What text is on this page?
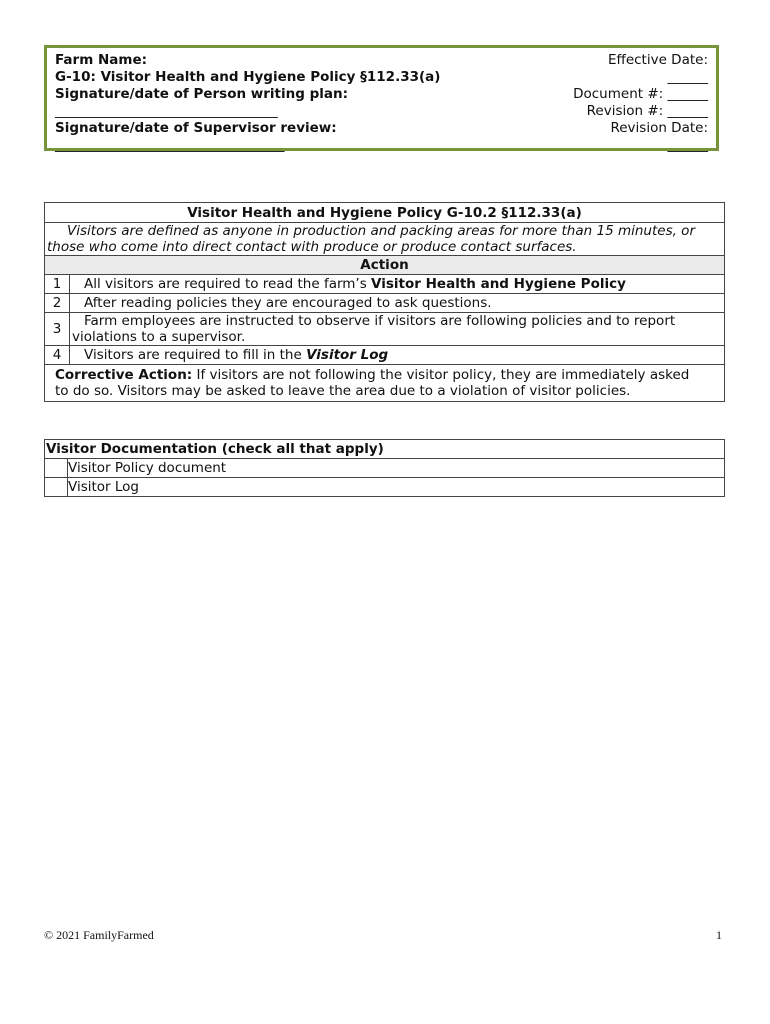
Farm Name:
G-10: Visitor Health and Hygiene Policy §112.33(a)
Signature/date of Person writing plan:
_________________________________
Signature/date of Supervisor review:
__________________________________
Effective Date:
______
Document #: ______
Revision #: ______
Revision Date:
______
Visitor Health and Hygiene Policy G-10.2 §112.33(a)	
Visitors are defined as anyone in production and packing areas for more than 15 minutes, or
those who come into direct contact with produce or produce contact surfaces.	
Action	
1	All visitors are required to read the farm’s Visitor Health and Hygiene Policy
2	After reading policies they are encouraged to ask questions.
3	Farm employees are instructed to observe if visitors are following policies and to report
violations to a supervisor.
4	Visitors are required to fill in the Visitor Log
Corrective Action: If visitors are not following the visitor policy, they are immediately asked
to do so. Visitors may be asked to leave the area due to a violation of visitor policies.	
Visitor Documentation (check all that apply)	
	Visitor Policy document
	Visitor Log
© 2021 FamilyFarmed	1
